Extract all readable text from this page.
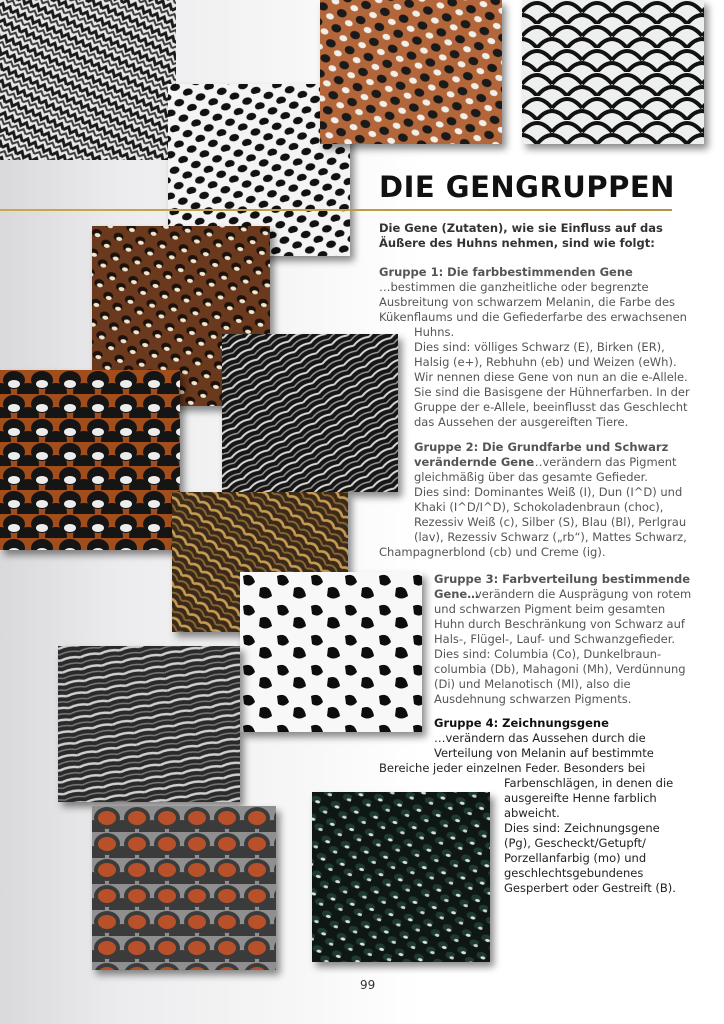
DIE GENGRUPPEN

Die Gene (Zutaten), wie sie Einfluss auf das Äußere des Huhns nehmen, sind wie folgt:

Gruppe 1: Die farbbestimmenden Gene

…bestimmen die ganzheitliche oder begrenzte

Ausbreitung von schwarzem Melanin, die Farbe des

Kükenflaums und die Gefiederfarbe des erwachsenen

Huhns.

Dies sind: völliges Schwarz (E), Birken (ER),

Halsig (e+), Rebhuhn (eb) und Weizen (eWh).

Wir nennen diese Gene von nun an die e-Allele.

Sie sind die Basisgene der Hühnerfarben. In der

Gruppe der e-Allele, beeinflusst das Geschlecht

das Aussehen der ausgereiften Tiere.

Gruppe 2: Die Grundfarbe und Schwarz

verändernde Gene

…verändern das Pigment

gleichmäßig über das gesamte Gefieder.

Dies sind: Dominantes Weiß (I), Dun (I^D) und

Khaki (I^D/I^D), Schokoladenbraun (choc),

Rezessiv Weiß (c), Silber (S), Blau (Bl), Perlgrau

(lav), Rezessiv Schwarz („rb“), Mattes Schwarz,

Champagnerblond (cb) und Creme (ig).

Gruppe 3: Farbverteilung bestimmende

Gene…

verändern die Ausprägung von rotem

und schwarzen Pigment beim gesamten

Huhn durch Beschränkung von Schwarz auf

Hals-, Flügel-, Lauf- und Schwanzgefieder.

Dies sind: Columbia (Co), Dunkelbraun-

columbia (Db), Mahagoni (Mh), Verdünnung

(Di) und Melanotisch (Ml), also die

Ausdehnung schwarzen Pigments.

Gruppe 4: Zeichnungsgene

…verändern das Aussehen durch die

Verteilung von Melanin auf bestimmte

Bereiche jeder einzelnen Feder. Besonders bei

Farbenschlägen, in denen die

ausgereifte Henne farblich

abweicht.

Dies sind: Zeichnungsgene

(Pg), Gescheckt/Getupft/

Porzellanfarbig (mo) und

geschlechtsgebundenes

Gesperbert oder Gestreift (B).

99
